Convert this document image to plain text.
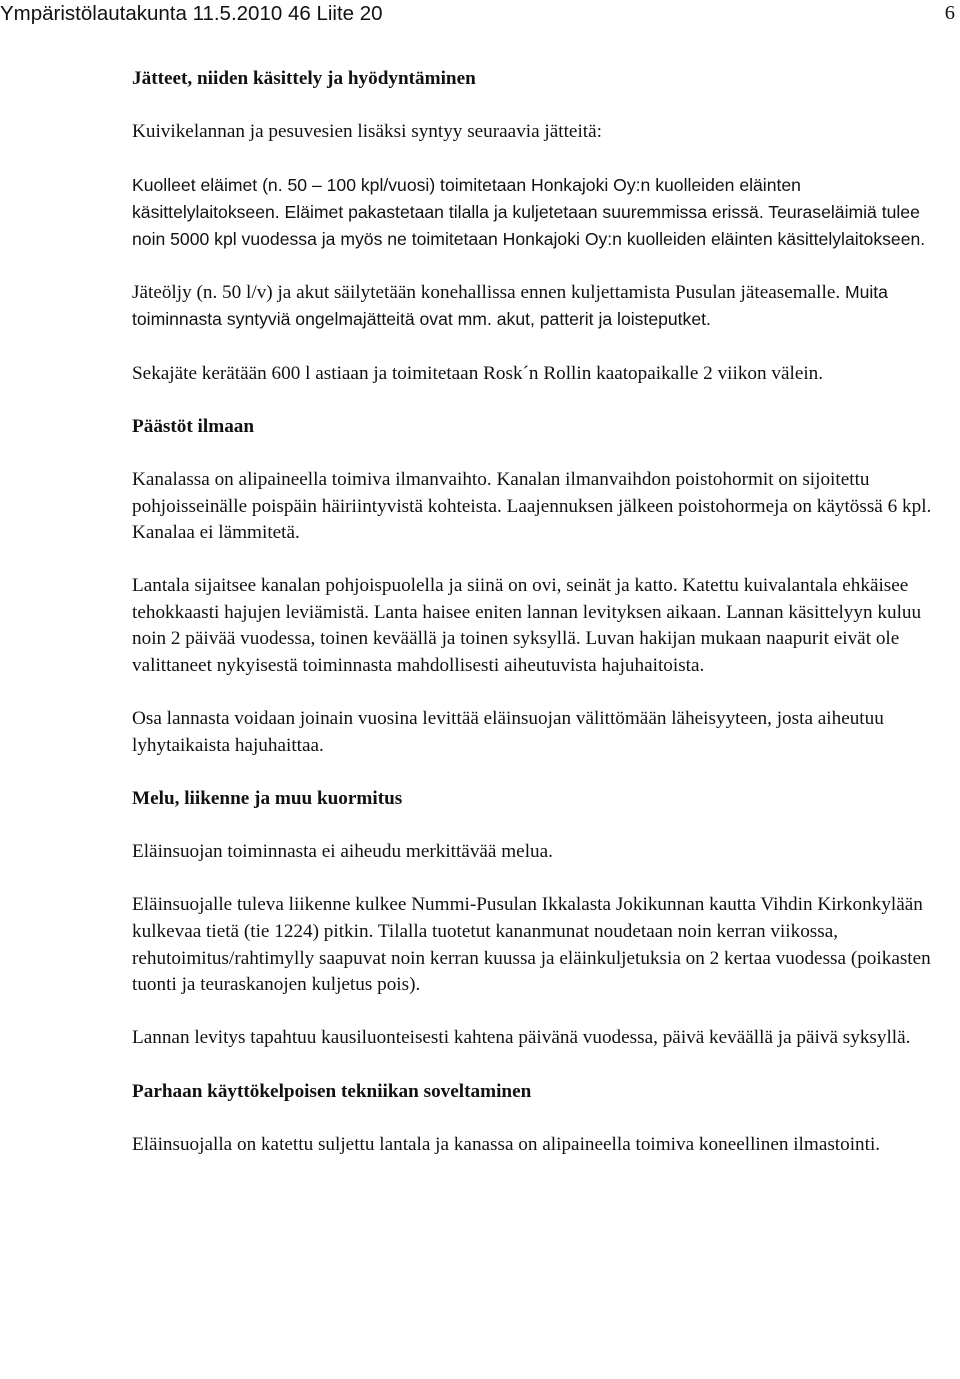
Ympäristölautakunta 11.5.2010 46 Liite 20	6
Jätteet, niiden käsittely ja hyödyntäminen

Kuivikelannan ja pesuvesien lisäksi syntyy seuraavia jätteitä:

Kuolleet eläimet (n. 50 – 100 kpl/vuosi) toimitetaan Honkajoki Oy:n kuolleiden eläinten käsittelylaitokseen. Eläimet pakastetaan tilalla ja kuljetetaan suuremmissa erissä. Teuraseläimiä tulee noin 5000 kpl vuodessa ja myös ne toimitetaan Honkajoki Oy:n kuolleiden eläinten käsittelylaitokseen.

Jäteöljy (n. 50 l/v) ja akut säilytetään konehallissa ennen kuljettamista Pusulan jäteasemalle. Muita toiminnasta syntyviä ongelmajätteitä ovat mm. akut, patterit ja loisteputket.

Sekajäte kerätään 600 l astiaan ja toimitetaan Rosk´n Rollin kaatopaikalle 2 viikon välein.

Päästöt ilmaan

Kanalassa on alipaineella toimiva ilmanvaihto. Kanalan ilmanvaihdon poistohormit on sijoitettu pohjoisseinälle poispäin häiriintyvistä kohteista. Laajennuksen jälkeen poistohormeja on käytössä 6 kpl. Kanalaa ei lämmitetä.

Lantala sijaitsee kanalan pohjoispuolella ja siinä on ovi, seinät ja katto. Katettu kuivalantala ehkäisee tehokkaasti hajujen leviämistä. Lanta haisee eniten lannan levityksen aikaan. Lannan käsittelyyn kuluu noin 2 päivää vuodessa, toinen keväällä ja toinen syksyllä. Luvan hakijan mukaan naapurit eivät ole valittaneet nykyisestä toiminnasta mahdollisesti aiheutuvista hajuhaitoista.

Osa lannasta voidaan joinain vuosina levittää eläinsuojan välittömään läheisyyteen, josta aiheutuu lyhytaikaista hajuhaittaa.

Melu, liikenne ja muu kuormitus

Eläinsuojan toiminnasta ei aiheudu merkittävää melua.

Eläinsuojalle tuleva liikenne kulkee Nummi-Pusulan Ikkalasta Jokikunnan kautta Vihdin Kirkonkylään kulkevaa tietä (tie 1224) pitkin. Tilalla tuotetut kananmunat noudetaan noin kerran viikossa, rehutoimitus/rahtimylly saapuvat noin kerran kuussa ja eläinkuljetuksia on 2 kertaa vuodessa (poikasten tuonti ja teuraskanojen kuljetus pois).

Lannan levitys tapahtuu kausiluonteisesti kahtena päivänä vuodessa, päivä keväällä ja päivä syksyllä.

Parhaan käyttökelpoisen tekniikan soveltaminen

Eläinsuojalla on katettu suljettu lantala ja kanassa on alipaineella toimiva koneellinen ilmastointi.
